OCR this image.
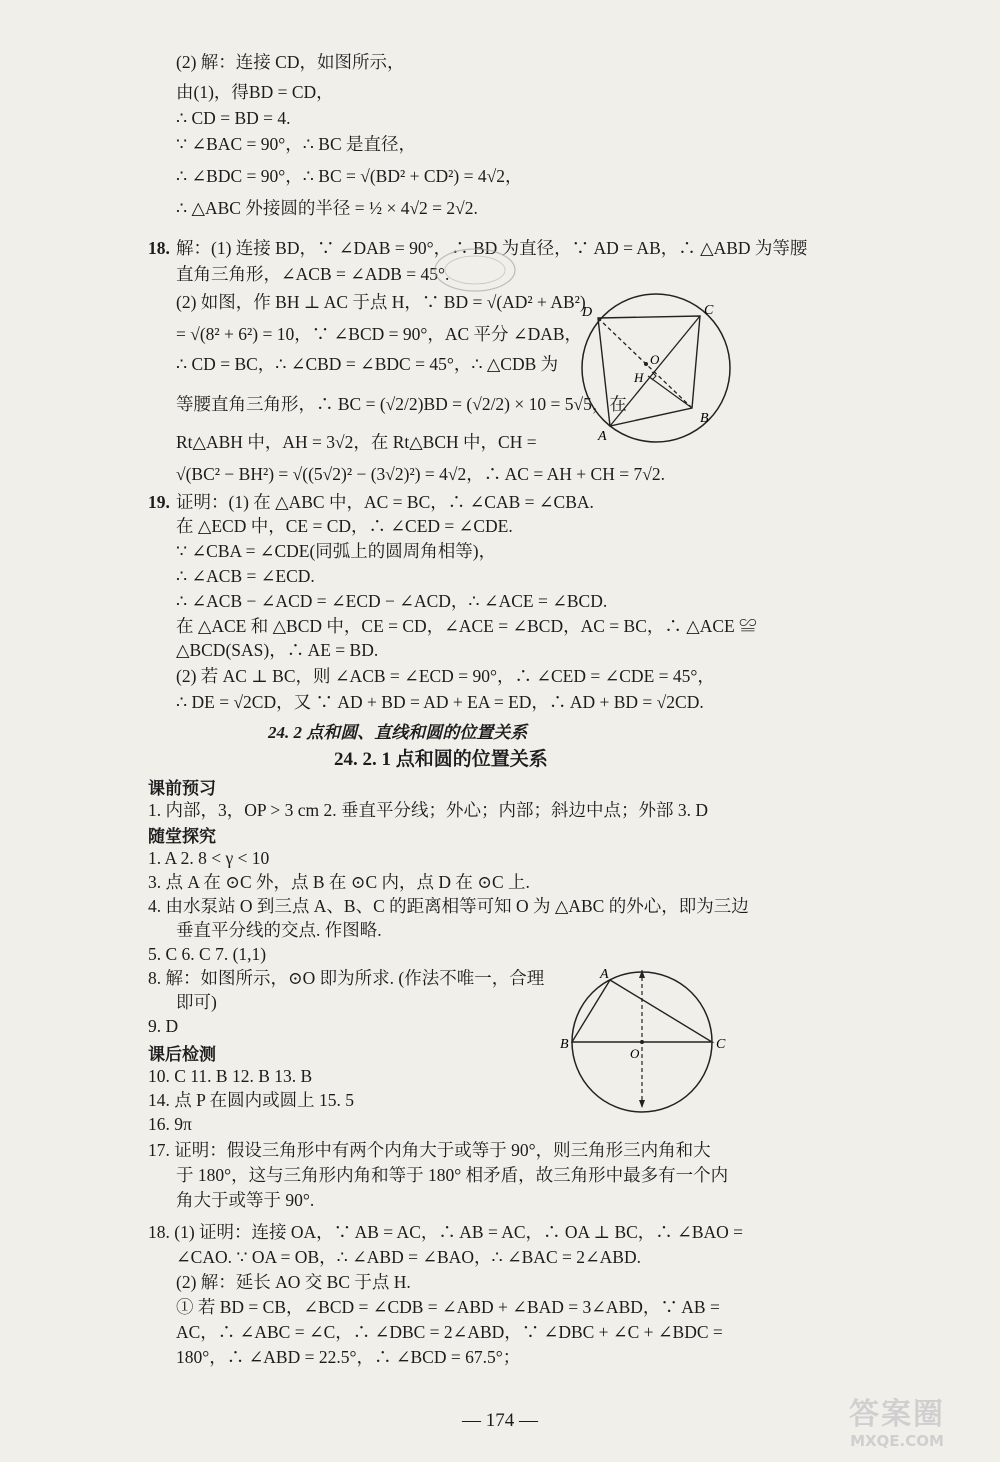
(2) 解：连接 CD，如图所示，
由(1)，得BD = CD，
∴ CD = BD = 4.
∵ ∠BAC = 90°，∴ BC 是直径，
∴ ∠BDC = 90°，∴ BC = √(BD² + CD²) = 4√2，
∴ △ABC 外接圆的半径 = ½ × 4√2 = 2√2.
18. 解：(1) 连接 BD，∵ ∠DAB = 90°，∴ BD 为直径，∵ AD = AB，∴ △ABD 为等腰
直角三角形，∠ACB = ∠ADB = 45°.
(2) 如图，作 BH ⊥ AC 于点 H，∵ BD = √(AD² + AB²)
= √(8² + 6²) = 10，∵ ∠BCD = 90°，AC 平分 ∠DAB，
∴ CD = BC，∴ ∠CBD = ∠BDC = 45°，∴ △CDB 为
等腰直角三角形，∴ BC = (√2/2)BD = (√2/2) × 10 = 5√5，在
Rt△ABH 中，AH = 3√2，在 Rt△BCH 中，CH =
√(BC² − BH²) = √((5√2)² − (3√2)²) = 4√2，∴ AC = AH + CH = 7√2.
D	C
O
H
A
B
19. 证明：(1) 在 △ABC 中，AC = BC，∴ ∠CAB = ∠CBA.
在 △ECD 中，CE = CD，∴ ∠CED = ∠CDE.
∵ ∠CBA = ∠CDE(同弧上的圆周角相等)，
∴ ∠ACB = ∠ECD.
∴ ∠ACB − ∠ACD = ∠ECD − ∠ACD，∴ ∠ACE = ∠BCD.
在 △ACE 和 △BCD 中，CE = CD，∠ACE = ∠BCD，AC = BC，∴ △ACE ≌
△BCD(SAS)，∴ AE = BD.
(2) 若 AC ⊥ BC，则 ∠ACB = ∠ECD = 90°，∴ ∠CED = ∠CDE = 45°，
∴ DE = √2CD，又 ∵ AD + BD = AD + EA = ED，∴ AD + BD = √2CD.
24. 2 点和圆、直线和圆的位置关系
24. 2. 1 点和圆的位置关系
课前预习
1. 内部，3，OP > 3 cm 2. 垂直平分线；外心；内部；斜边中点；外部 3. D
随堂探究
1. A 2. 8 < γ < 10
3. 点 A 在 ⊙C 外，点 B 在 ⊙C 内，点 D 在 ⊙C 上.
4. 由水泵站 O 到三点 A、B、C 的距离相等可知 O 为 △ABC 的外心，即为三边
垂直平分线的交点. 作图略.
5. C 6. C 7. (1,1)
8. 解：如图所示，⊙O 即为所求. (作法不唯一，合理
即可)
9. D
A
B	C
O
课后检测
10. C 11. B 12. B 13. B
14. 点 P 在圆内或圆上 15. 5
16. 9π
17. 证明：假设三角形中有两个内角大于或等于 90°，则三角形三内角和大
于 180°，这与三角形内角和等于 180° 相矛盾，故三角形中最多有一个内
角大于或等于 90°.
18. (1) 证明：连接 OA，∵ AB = AC，∴ AB = AC，∴ OA ⊥ BC，∴ ∠BAO =
∠CAO. ∵ OA = OB，∴ ∠ABD = ∠BAO，∴ ∠BAC = 2∠ABD.
(2) 解：延长 AO 交 BC 于点 H.
① 若 BD = CB，∠BCD = ∠CDB = ∠ABD + ∠BAD = 3∠ABD，∵ AB =
AC，∴ ∠ABC = ∠C，∴ ∠DBC = 2∠ABD，∵ ∠DBC + ∠C + ∠BDC =
180°，∴ ∠ABD = 22.5°，∴ ∠BCD = 67.5°；
— 174 —	答案圈
MXQE.COM
